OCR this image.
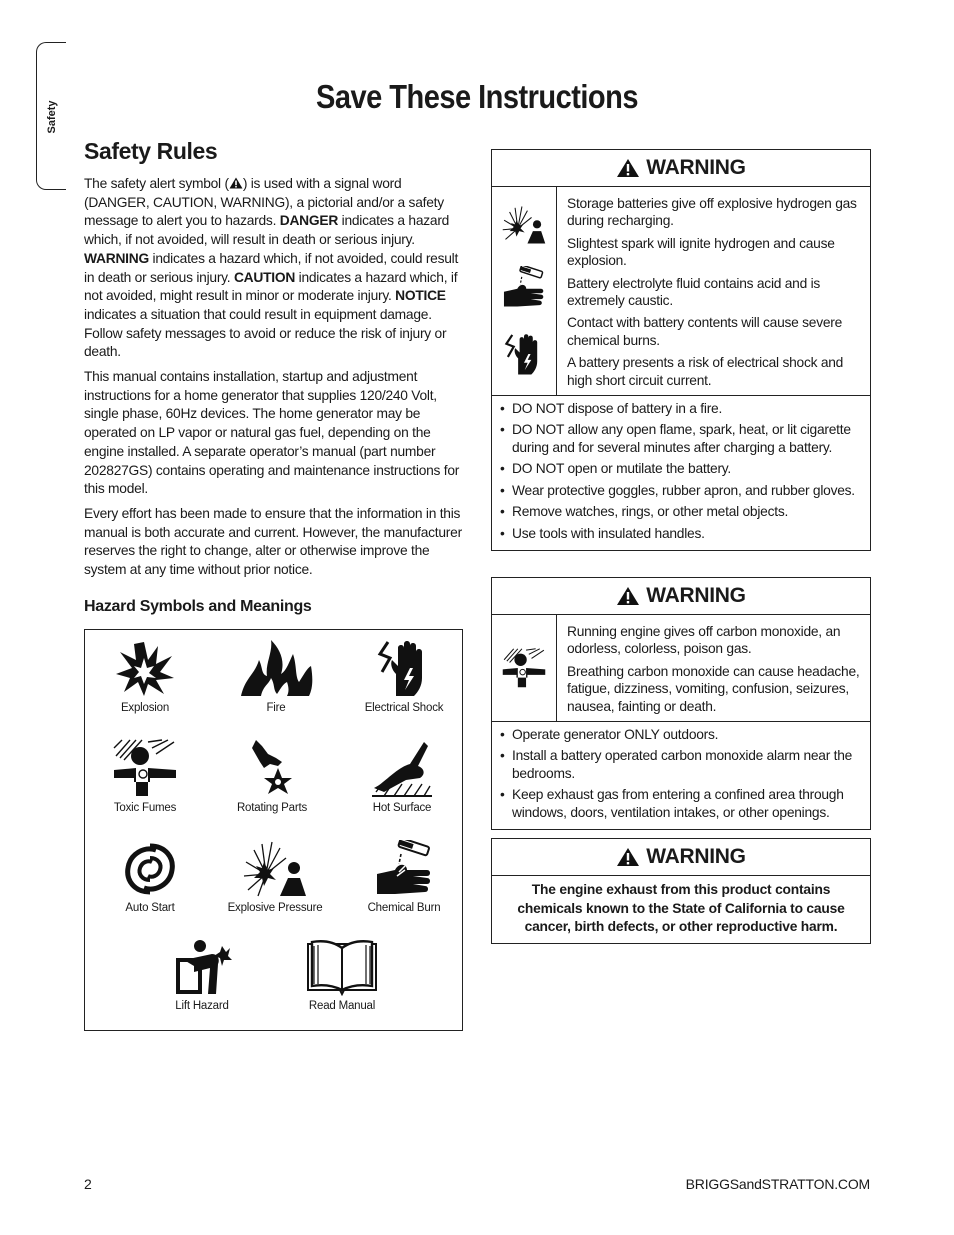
Safety
Save These Instructions
Safety Rules

The safety alert symbol ( ) is used with a signal word (DANGER, CAUTION, WARNING), a pictorial and/or a safety message to alert you to hazards. DANGER indicates a hazard which, if not avoided, will result in death or serious injury. WARNING indicates a hazard which, if not avoided, could result in death or serious injury. CAUTION indicates a hazard which, if not avoided, might result in minor or moderate injury. NOTICE indicates a situation that could result in equipment damage. Follow safety messages to avoid or reduce the risk of injury or death.

This manual contains installation, startup and adjustment instructions for a home generator that supplies 120/240 Volt, single phase, 60Hz devices. The home generator may be operated on LP vapor or natural gas fuel, depending on the engine installed. A separate operator’s manual (part number 202827GS) contains operating and maintenance instructions for this model.

Every effort has been made to ensure that the information in this manual is both accurate and current. However, the manufacturer reserves the right to change, alter or otherwise improve the system at any time without prior notice.

Hazard Symbols and Meanings
Explosion	Fire	Electrical Shock
Toxic Fumes	Rotating Parts	Hot Surface
Auto Start	Explosive Pressure	Chemical Burn
Lift Hazard	Read Manual
WARNING

Storage batteries give off explosive hydrogen gas during recharging.

Slightest spark will ignite hydrogen and cause explosion.

Battery electrolyte fluid contains acid and is extremely caustic.

Contact with battery contents will cause severe chemical burns.

A battery presents a risk of electrical shock and high short circuit current.

• DO NOT dispose of battery in a fire.
• DO NOT allow any open flame, spark, heat, or lit cigarette during and for several minutes after charging a battery.
• DO NOT open or mutilate the battery.
• Wear protective goggles, rubber apron, and rubber gloves.
• Remove watches, rings, or other metal objects.
• Use tools with insulated handles.
WARNING

Running engine gives off carbon monoxide, an odorless, colorless, poison gas.

Breathing carbon monoxide can cause headache, fatigue, dizziness, vomiting, confusion, seizures, nausea, fainting or death.

• Operate generator ONLY outdoors.
• Install a battery operated carbon monoxide alarm near the bedrooms.
• Keep exhaust gas from entering a confined area through windows, doors, ventilation intakes, or other openings.
WARNING
The engine exhaust from this product contains chemicals known to the State of California to cause cancer, birth defects, or other reproductive harm.
2	BRIGGSandSTRATTON.COM
